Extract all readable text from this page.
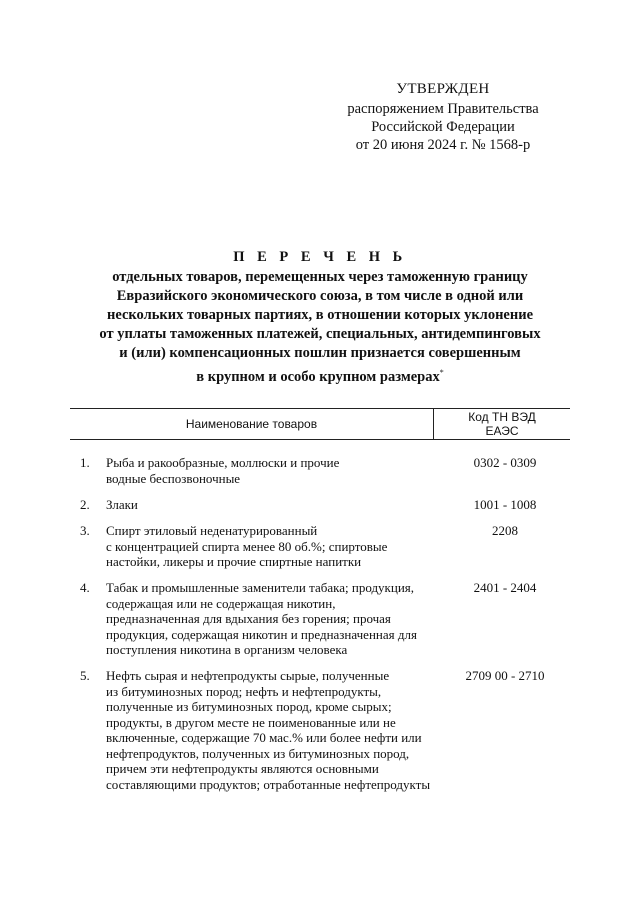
УТВЕРЖДЕН
распоряжением Правительства
Российской Федерации
от 20 июня 2024 г. № 1568-р
П Е Р Е Ч Е Н Ь
отдельных товаров, перемещенных через таможенную границу
Евразийского экономического союза, в том числе в одной или
нескольких товарных партиях, в отношении которых уклонение
от уплаты таможенных платежей, специальных, антидемпинговых
и (или) компенсационных пошлин признается совершенным
в крупном и особо крупном размерах*
Наименование товаров	Код ТН ВЭД
ЕАЭС
1. Рыба и ракообразные, моллюски и прочие
водные беспозвоночные
0302 - 0309
2. Злаки	1001 - 1008
3. Спирт этиловый неденатурированный
с концентрацией спирта менее 80 об.%; спиртовые
настойки, ликеры и прочие спиртные напитки
2208
4. Табак и промышленные заменители табака; продукция,
содержащая или не содержащая никотин,
предназначенная для вдыхания без горения; прочая
продукция, содержащая никотин и предназначенная для
поступления никотина в организм человека
2401 - 2404
5. Нефть сырая и нефтепродукты сырые, полученные
из битуминозных пород; нефть и нефтепродукты,
полученные из битуминозных пород, кроме сырых;
продукты, в другом месте не поименованные или не
включенные, содержащие 70 мас.% или более нефти или
нефтепродуктов, полученных из битуминозных пород,
причем эти нефтепродукты являются основными
составляющими продуктов; отработанные нефтепродукты
2709 00 - 2710
